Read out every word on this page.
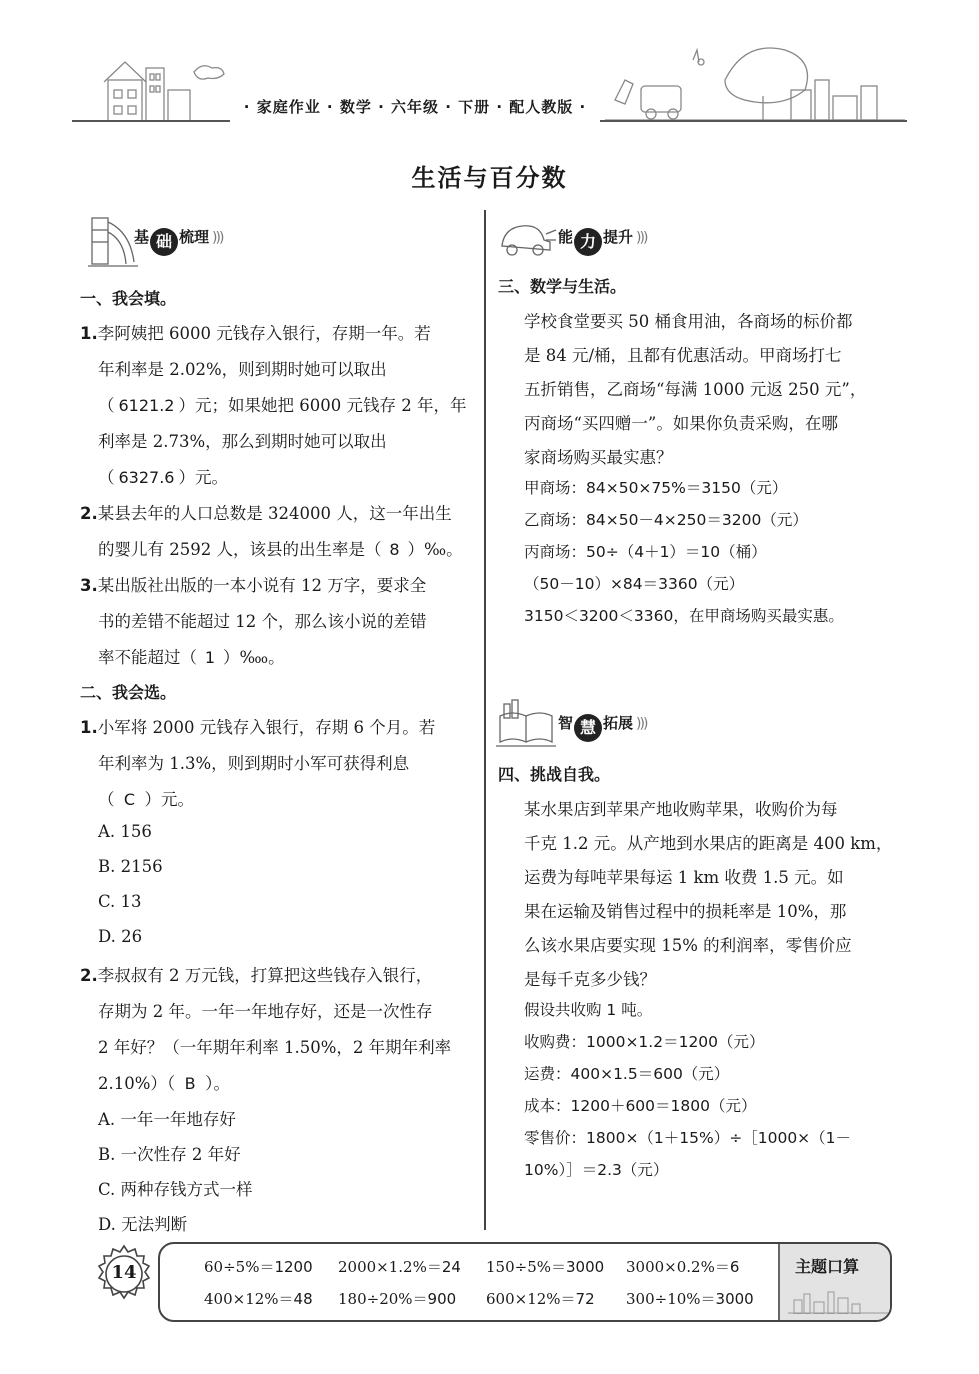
· 家庭作业 · 数学 · 六年级 · 下册 · 配人教版 ·
生活与百分数
基 础 梳理 )))	能 力 提升 )))
智 慧 拓展 )))
一、我会填。
1.李阿姨把 6000 元钱存入银行，存期一年。若
年利率是 2.02%，则到期时她可以取出
（ 6121.2 ）元；如果她把 6000 元钱存 2 年，年
利率是 2.73%，那么到期时她可以取出
（ 6327.6 ）元。
2.某县去年的人口总数是 324000 人，这一年出生
的婴儿有 2592 人，该县的出生率是（ 8 ）‰。
3.某出版社出版的一本小说有 12 万字，要求全
书的差错不能超过 12 个，那么该小说的差错
率不能超过（ 1 ）‱。
二、我会选。
1.小军将 2000 元钱存入银行，存期 6 个月。若
年利率为 1.3%，则到期时小军可获得利息
（ C ）元。
A. 156
B. 2156
C. 13
D. 26
2.李叔叔有 2 万元钱，打算把这些钱存入银行，
存期为 2 年。一年一年地存好，还是一次性存
2 年好？（一年期年利率 1.50%，2 年期年利率
2.10%）（ B ）。
A. 一年一年地存好
B. 一次性存 2 年好
C. 两种存钱方式一样
D. 无法判断
三、数学与生活。
学校食堂要买 50 桶食用油，各商场的标价都
是 84 元/桶，且都有优惠活动。甲商场打七
五折销售，乙商场“每满 1000 元返 250 元”，
丙商场“买四赠一”。如果你负责采购，在哪
家商场购买最实惠？
甲商场：84×50×75%＝3150（元）
乙商场：84×50－4×250＝3200（元）
丙商场：50÷（4＋1）＝10（桶）
（50－10）×84＝3360（元）
3150＜3200＜3360，在甲商场购买最实惠。
四、挑战自我。
某水果店到苹果产地收购苹果，收购价为每
千克 1.2 元。从产地到水果店的距离是 400 km，
运费为每吨苹果每运 1 km 收费 1.5 元。如
果在运输及销售过程中的损耗率是 10%，那
么该水果店要实现 15% 的利润率，零售价应
是每千克多少钱？
假设共收购 1 吨。
收购费：1000×1.2＝1200（元）
运费：400×1.5＝600（元）
成本：1200＋600＝1800（元）
零售价：1800×（1＋15%）÷［1000×（1－
10%）］＝2.3（元）
14	主题口算
60÷5%＝1200 2000×1.2%＝24 150÷5%＝3000 3000×0.2%＝6
400×12%＝48 180÷20%＝900 600×12%＝72 300÷10%＝3000
